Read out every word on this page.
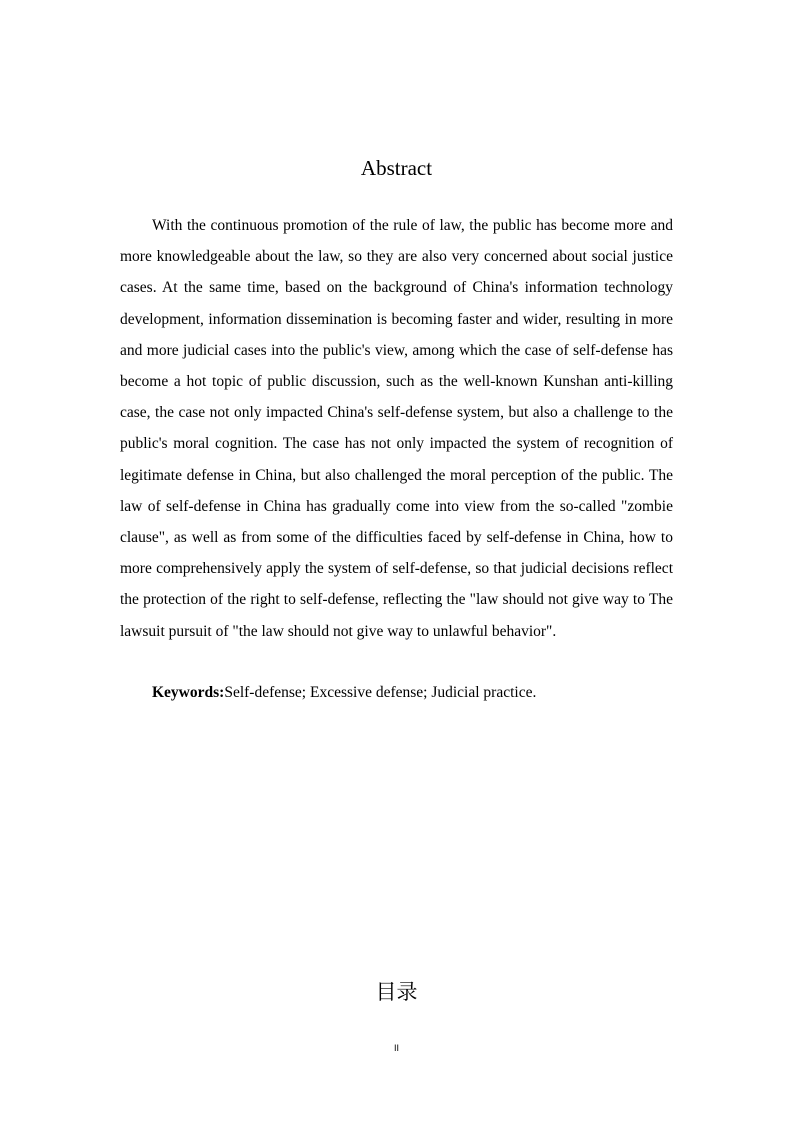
Abstract

With the continuous promotion of the rule of law, the public has become more and more knowledgeable about the law, so they are also very concerned about social justice cases. At the same time, based on the background of China's information technology development, information dissemination is becoming faster and wider, resulting in more and more judicial cases into the public's view, among which the case of self-defense has become a hot topic of public discussion, such as the well-known Kunshan anti-killing case, the case not only impacted China's self-defense system, but also a challenge to the public's moral cognition. The case has not only impacted the system of recognition of legitimate defense in China, but also challenged the moral perception of the public. The law of self-defense in China has gradually come into view from the so-called "zombie clause", as well as from some of the difficulties faced by self-defense in China, how to more comprehensively apply the system of self-defense, so that judicial decisions reflect the protection of the right to self-defense, reflecting the "law should not give way to The lawsuit pursuit of "the law should not give way to unlawful behavior".

Keywords:Self-defense; Excessive defense; Judicial practice.
目录
II
